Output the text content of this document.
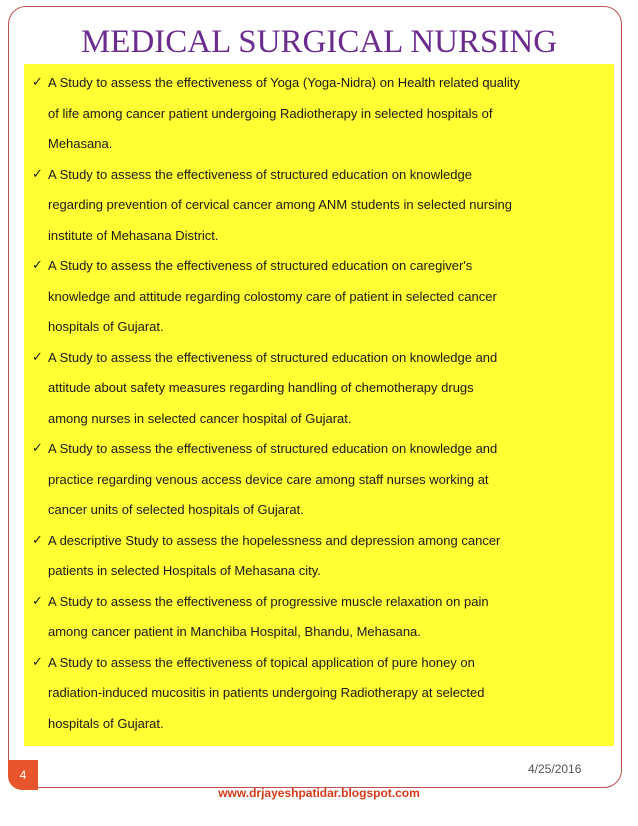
MEDICAL SURGICAL NURSING
✓ A Study to assess the effectiveness of Yoga (Yoga-Nidra) on Health related quality
of life among cancer patient undergoing Radiotherapy in selected hospitals of
Mehasana.
✓ A Study to assess the effectiveness of structured education on knowledge
regarding prevention of cervical cancer among ANM students in selected nursing
institute of Mehasana District.
✓ A Study to assess the effectiveness of structured education on caregiver's
knowledge and attitude regarding colostomy care of patient in selected cancer
hospitals of Gujarat.
✓ A Study to assess the effectiveness of structured education on knowledge and
attitude about safety measures regarding handling of chemotherapy drugs
among nurses in selected cancer hospital of Gujarat.
✓ A Study to assess the effectiveness of structured education on knowledge and
practice regarding venous access device care among staff nurses working at
cancer units of selected hospitals of Gujarat.
✓ A descriptive Study to assess the hopelessness and depression among cancer
patients in selected Hospitals of Mehasana city.
✓ A Study to assess the effectiveness of progressive muscle relaxation on pain
among cancer patient in Manchiba Hospital, Bhandu, Mehasana.
✓ A Study to assess the effectiveness of topical application of pure honey on
radiation-induced mucositis in patients undergoing Radiotherapy at selected
hospitals of Gujarat.
4	4/25/2016
www.drjayeshpatidar.blogspot.com
